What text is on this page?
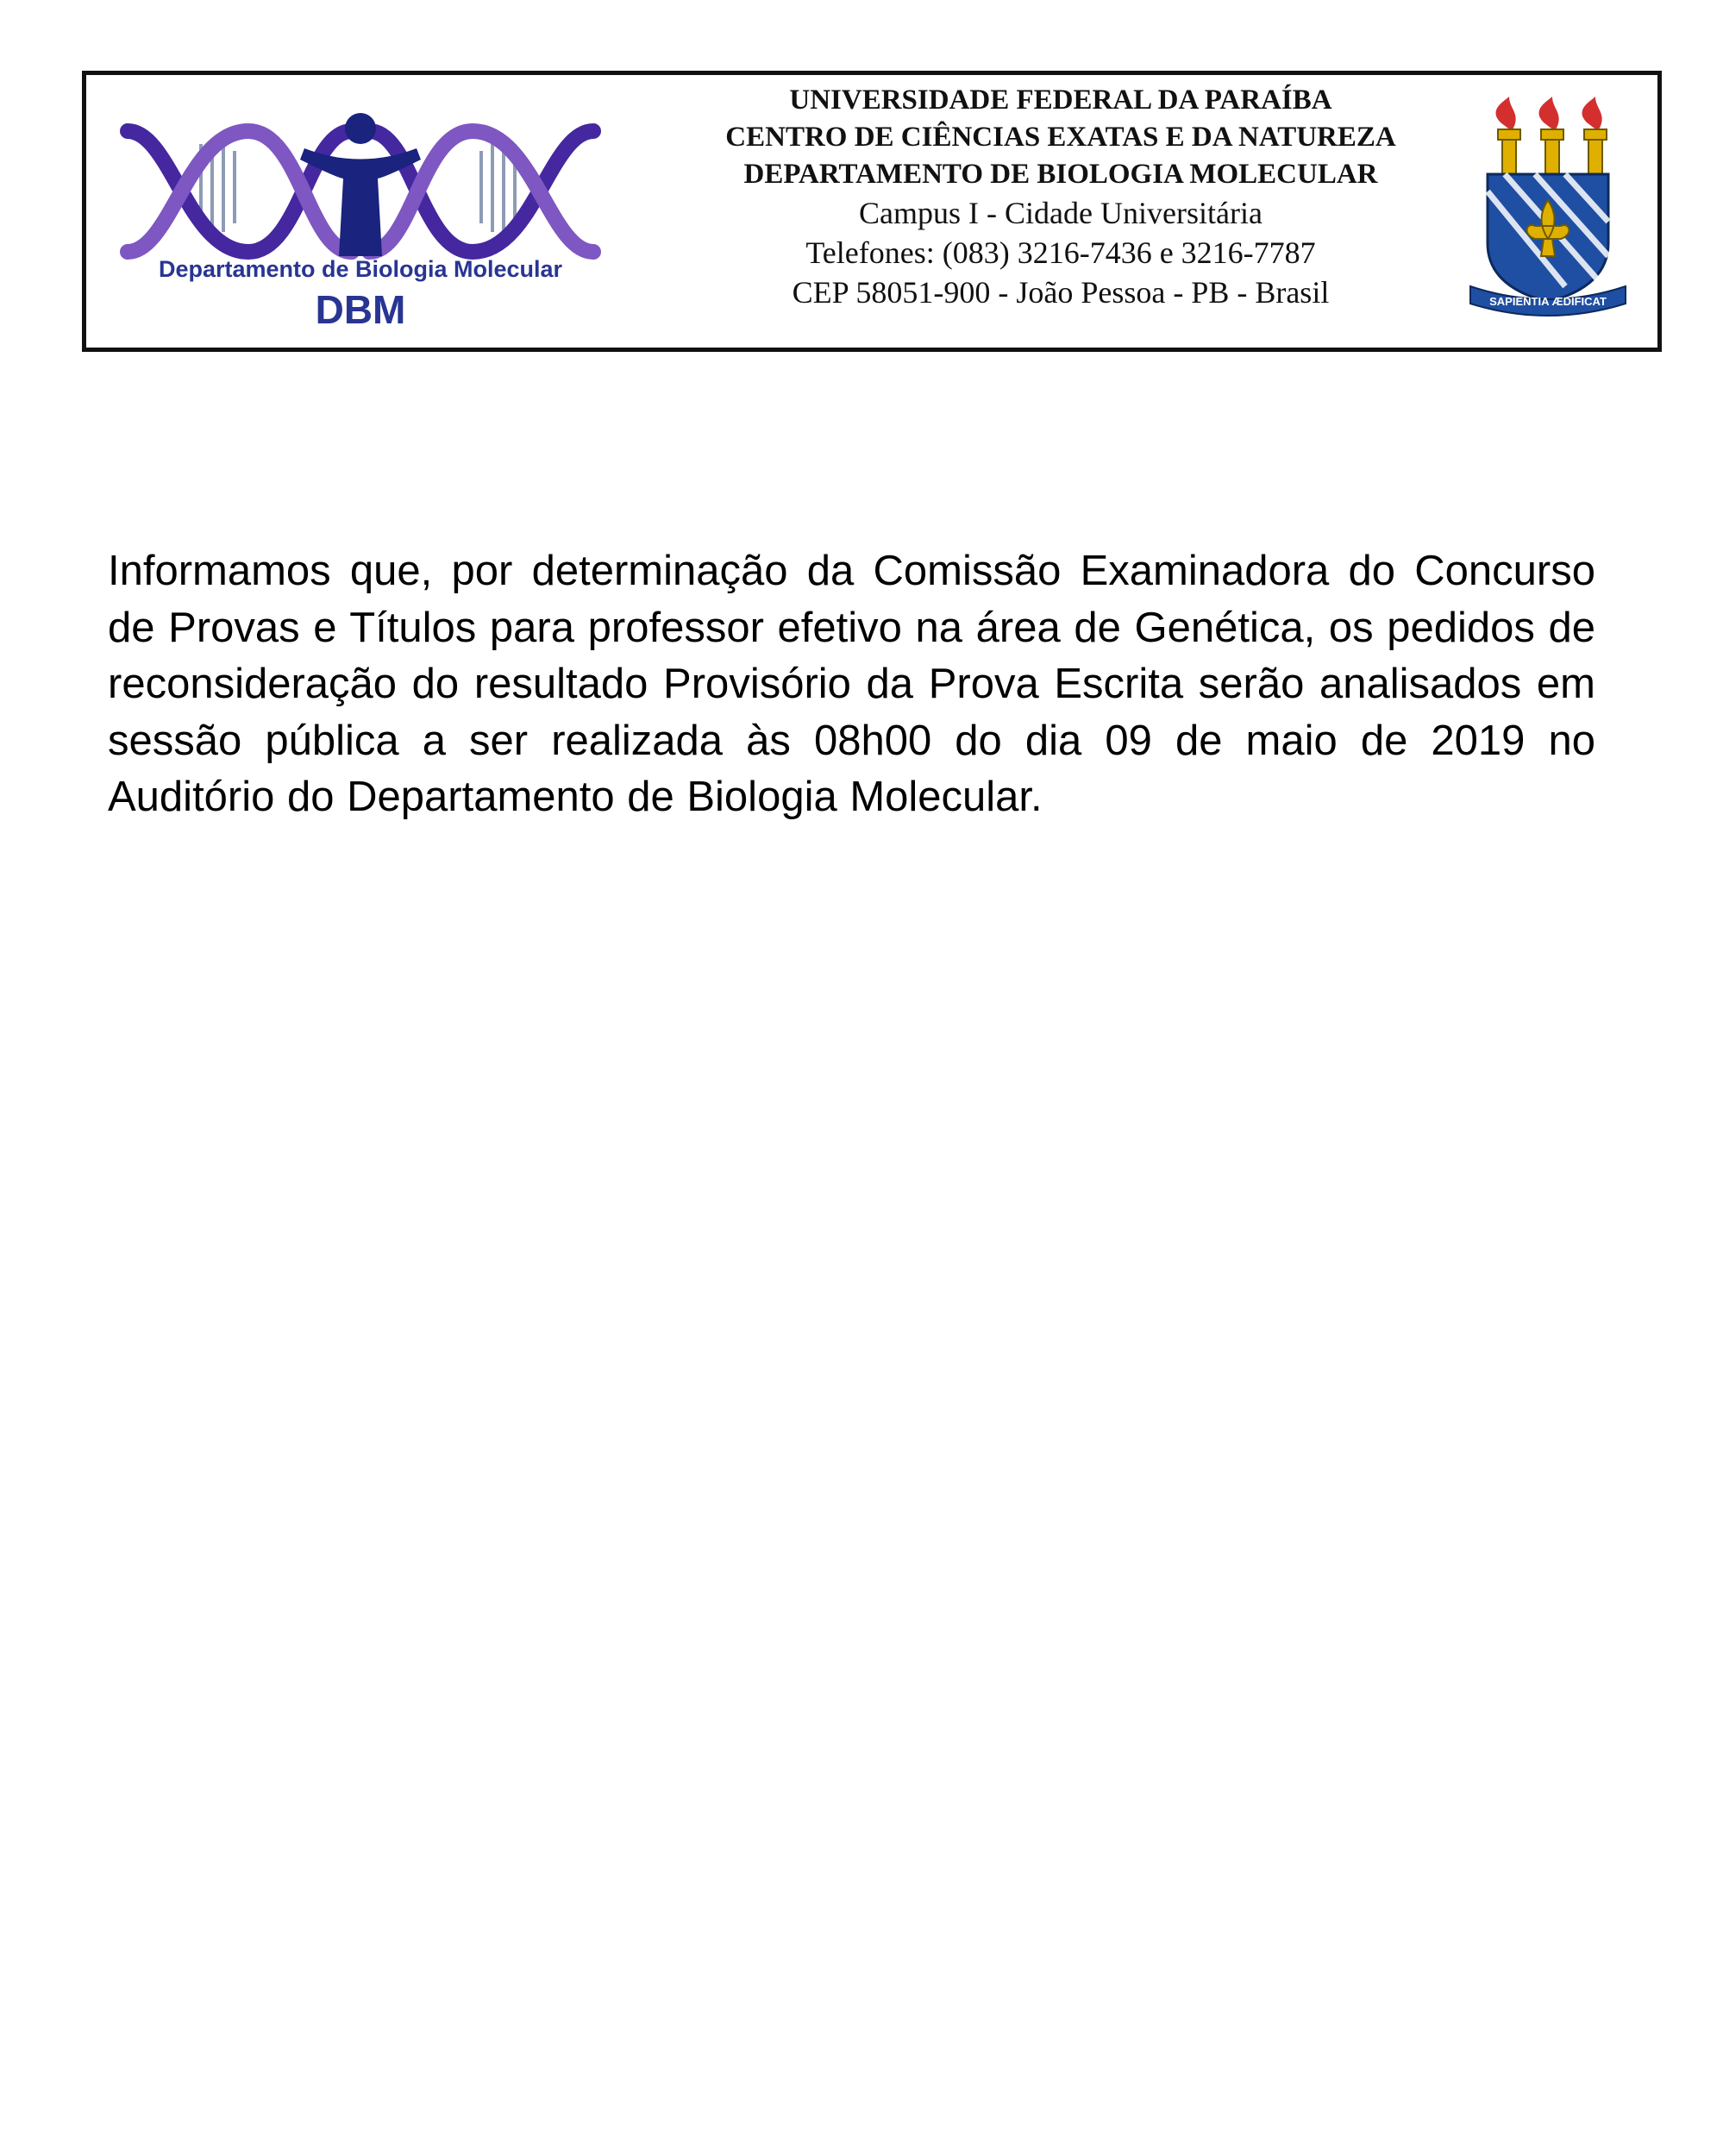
Departamento de Biologia Molecular
DBM
UNIVERSIDADE FEDERAL DA PARAÍBA
CENTRO DE CIÊNCIAS EXATAS E DA NATUREZA
DEPARTAMENTO DE BIOLOGIA MOLECULAR
Campus I - Cidade Universitária
Telefones: (083) 3216-7436 e 3216-7787
CEP 58051-900 - João Pessoa - PB - Brasil	SAPIENTIA ÆDIFICAT
Informamos que, por determinação da Comissão Examinadora do Concurso de Provas e Títulos para professor efetivo na área de Genética, os pedidos de reconsideração do resultado Provisório da Prova Escrita serão analisados em sessão pública a ser realizada às 08h00 do dia 09 de maio de 2019 no Auditório do Departamento de Biologia Molecular.
